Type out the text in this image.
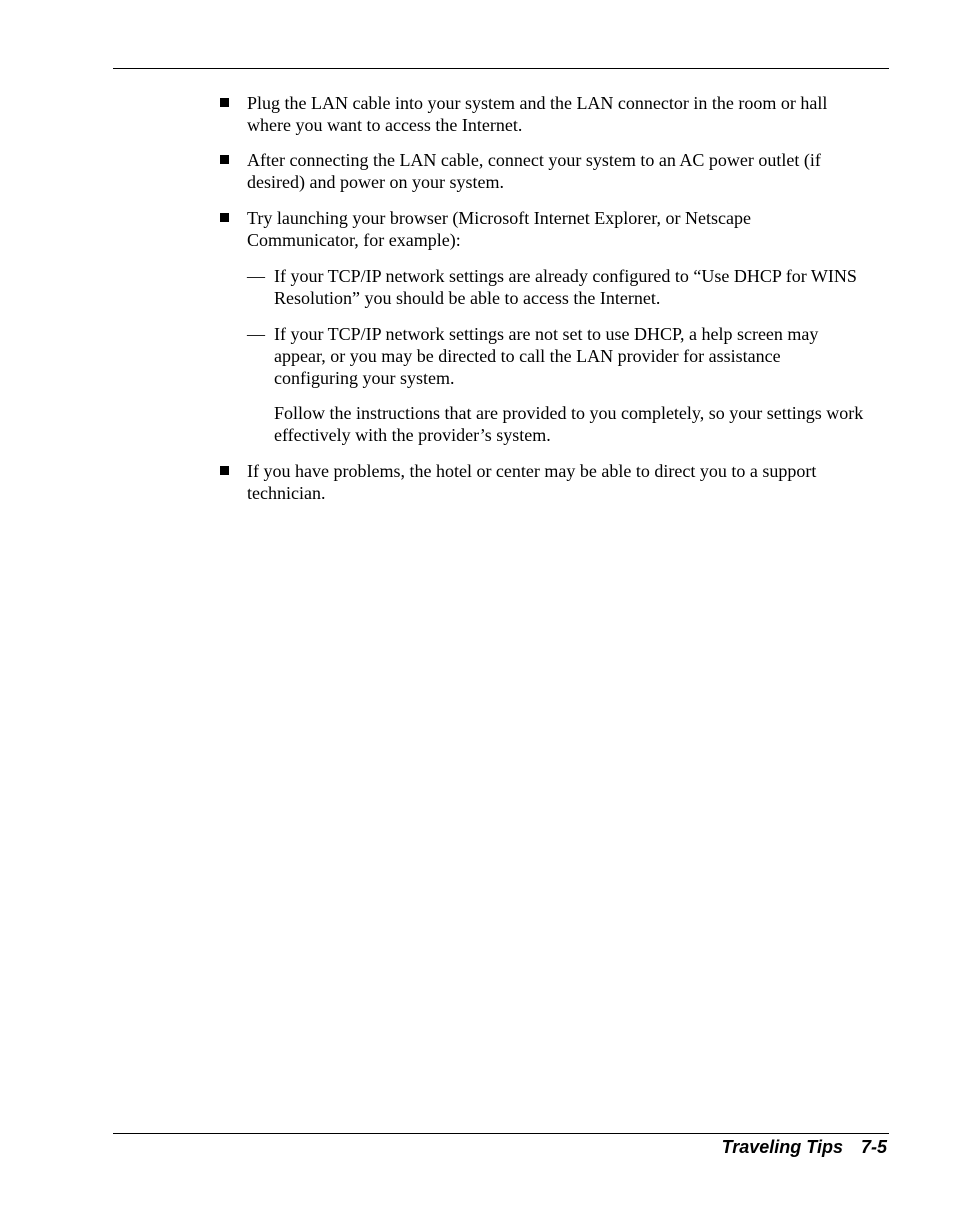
Plug the LAN cable into your system and the LAN connector in the room or hall where you want to access the Internet.
After connecting the LAN cable, connect your system to an AC power outlet (if desired) and power on your system.
Try launching your browser (Microsoft Internet Explorer, or Netscape Communicator, for example):
— If your TCP/IP network settings are already configured to “Use DHCP for WINS Resolution” you should be able to access the Internet.
— If your TCP/IP network settings are not set to use DHCP, a help screen may appear, or you may be directed to call the LAN provider for assistance configuring your system.
Follow the instructions that are provided to you completely, so your settings work effectively with the provider’s system.
If you have problems, the hotel or center may be able to direct you to a support technician.
Traveling Tips 7-5
